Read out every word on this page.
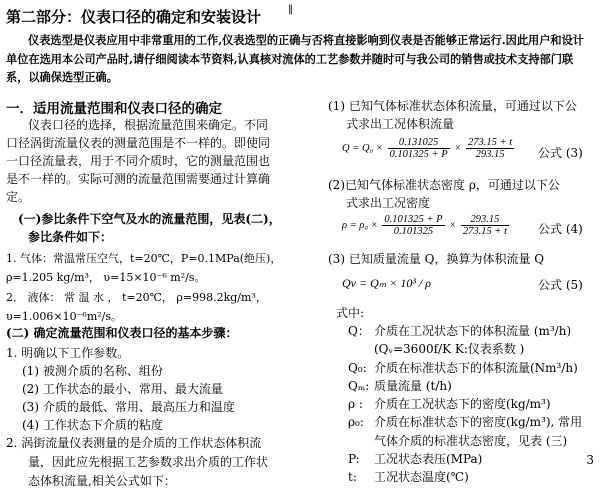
第二部分：仪表口径的确定和安装设计	‖
仪表选型是仪表应用中非常重用的工作,仪表选型的正确与否将直接影响到仪表是否能够正常运行.因此用户和设计单位在选用本公司产品时,请仔细阅读本节资料,认真核对流体的工艺参数并随时可与我公司的销售或技术支持部门联系，以确保选型正确。
一．适用流量范围和仪表口径的确定
仪表口径的选择，根据流量范围来确定。不同
口径涡街流量仪表的测量范围是不一样的。即使同
一口径流量表，用于不同介质时，它的测量范围也
是不一样的。实际可测的流量范围需要通过计算确
定。
(一)参比条件下空气及水的流量范围，见表(二)，
参比条件如下：
1. 气体：常温常压空气，t=20℃，P=0.1MPa(绝压)，
ρ=1.205 kg/m³， υ=15×10⁻⁶ m²/s。
2． 液体： 常 温 水 ， t=20℃， ρ=998.2kg/m³，
υ=1.006×10⁻⁶m²/s。
(二) 确定流量范围和仪表口径的基本步骤：
1. 明确以下工作参数。
(1) 被测介质的名称、组份
(2) 工作状态的最小、常用、最大流量
(3) 介质的最低、常用、最高压力和温度
(4) 工作状态下介质的粘度
2. 涡街流量仪表测量的是介质的工作状态体积流
量，因此应先根据工艺参数求出介质的工作状
态体积流量,相关公式如下：
(1) 已知气体标准状态体积流量，可通过以下公
式求出工况体积流量
$Q = Q_0 \times \frac{0.131025}{0.101325 + P} \times \frac{273.15 + t}{293.15}$ 公式 (3)
(2)已知气体标准状态密度 ρ，可通过以下公
式求出工况密度
$\rho = \rho_0 \times \frac{0.101325 + P}{0.101325} \times \frac{293.15}{273.15 + t}$ 公式 (4)
(3) 已知质量流量 Q，换算为体积流量 Q
Qν = Qₘ × 10³ / ρ	公式 (5)
式中:
Q： 介质在工况状态下的体积流量 (m³/h)
(Qᵥ=3600f/K K:仪表系数 )
Q₀: 介质在标准状态下的体积流量(Nm³/h)
Qₘ: 质量流量 (t/h)
ρ : 介质在工况状态下的密度(kg/m³)
ρ₀: 介质在标准状态下的密度(kg/m³), 常用
气体介质的标准状态密度，见表 (三)
P: 工况状态表压(MPa)
t: 工况状态温度(℃)
3
